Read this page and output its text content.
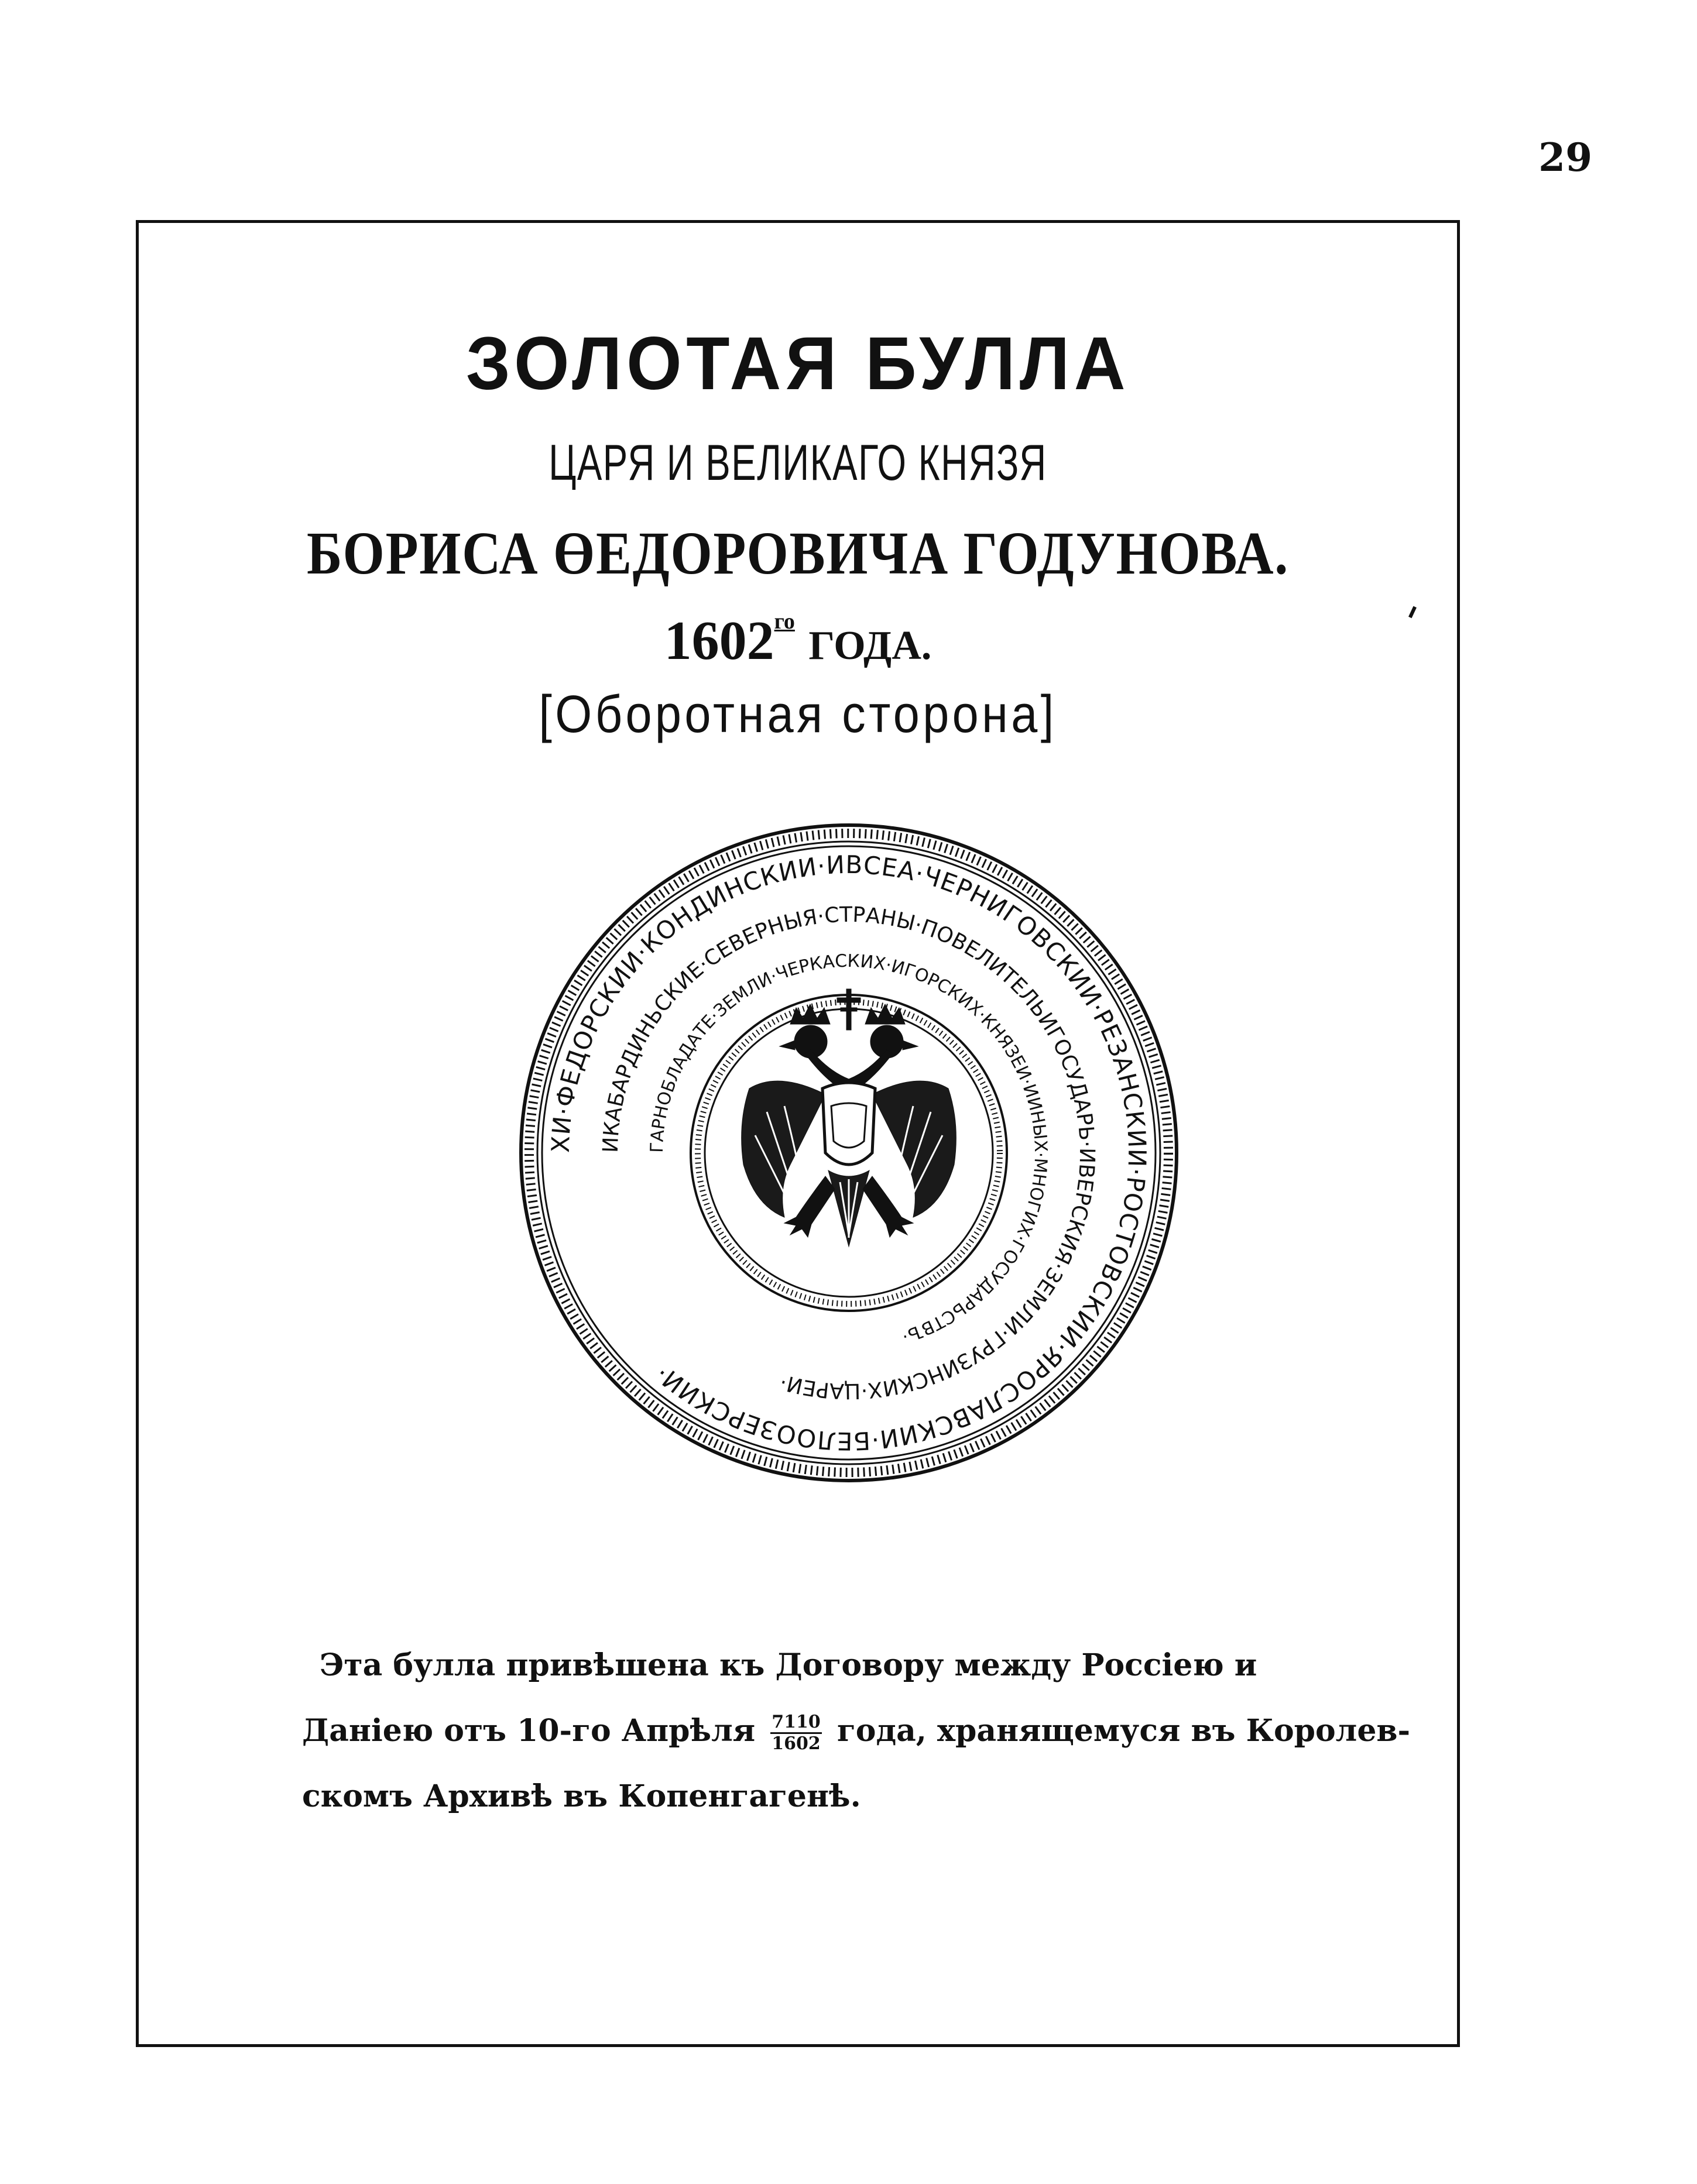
29
ЗОЛОТАЯ БУЛЛА
ЦАРЯ И ВЕЛИКАГО КНЯЗЯ
БОРИСА ӨЕДОРОВИЧА ГОДУНОВА.
$1602^{го}$ ГОДА.
[Оборотная сторона]
ХИ·ФЕДОРСКИИ·КОНДИНСКИИ·ИВСЕА·ЧЕРНИГОВСКИИ·РЕЗАНСКИИ·РОСТОВСКИИ·ЯРОСЛАВСКИИ·БЕЛООЗЕРСКИИ·
ИКАБАРДИНЬСКИЕ·СЕВЕРНЫЯ·СТРАНЫ·ПОВЕЛИТЕЛЬИГОСУДАРЬ·ИВЕРСКИЯ·ЗЕМЛИ·ГРУЗИНСКИХ·ЦАРЕИ·
ГАРНОБЛАДАТЕ·ЗЕМЛИ·ЧЕРКАСКИХ·ИГОРСКИХ·КНЯЗЕИ·ИИНЫХ·МНОГИХ·ГОСУДАРЬСТВЪ·
Эта булла привѣшена къ Договору между Россіею и
Даніею отъ 10-го Апрѣля $\frac{7110}{1602}$ года, хранящемуся въ Королев-
скомъ Архивѣ въ Копенгагенѣ.
